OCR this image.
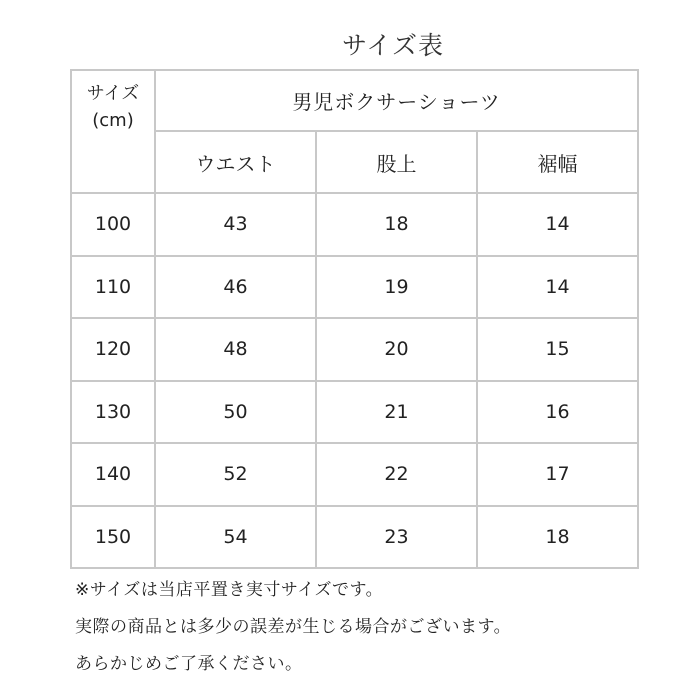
サイズ表
サイズ
(cm)	男児ボクサーショーツ		
	ウエスト	股上	裾幅
100	43	18	14
110	46	19	14
120	48	20	15
130	50	21	16
140	52	22	17
150	54	23	18
※サイズは当店平置き実寸サイズです。
実際の商品とは多少の誤差が生じる場合がございます。
あらかじめご了承ください。
